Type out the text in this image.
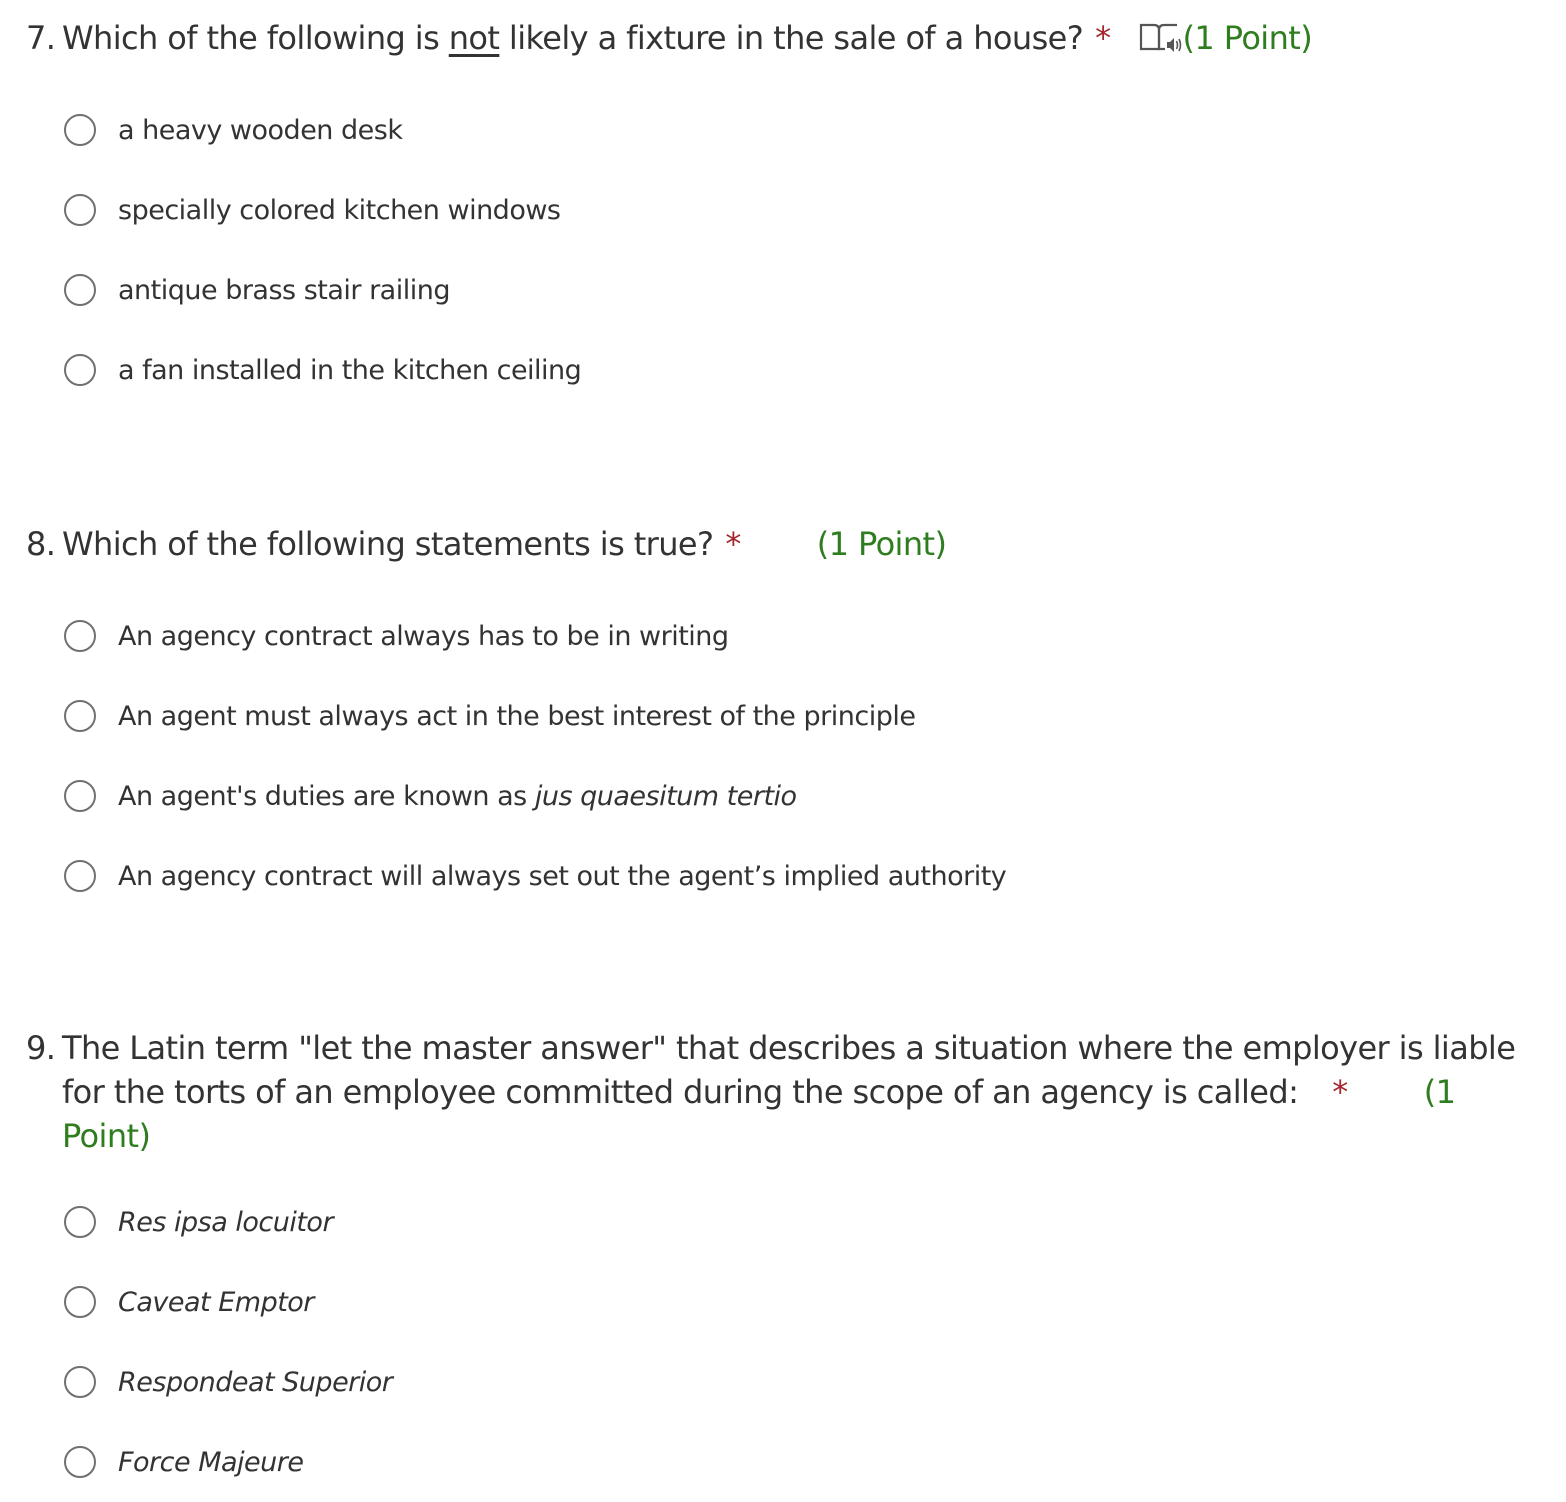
7. Which of the following is not likely a fixture in the sale of a house? * (1 Point)
a heavy wooden desk
specially colored kitchen windows
antique brass stair railing
a fan installed in the kitchen ceiling
8. Which of the following statements is true? * (1 Point)
An agency contract always has to be in writing
An agent must always act in the best interest of the principle
An agent's duties are known as jus quaesitum tertio
An agency contract will always set out the agent’s implied authority
9. The Latin term "let the master answer" that describes a situation where the employer is liable for the torts of an employee committed during the scope of an agency is called: * (1 Point)
Res ipsa locuitor
Caveat Emptor
Respondeat Superior
Force Majeure
